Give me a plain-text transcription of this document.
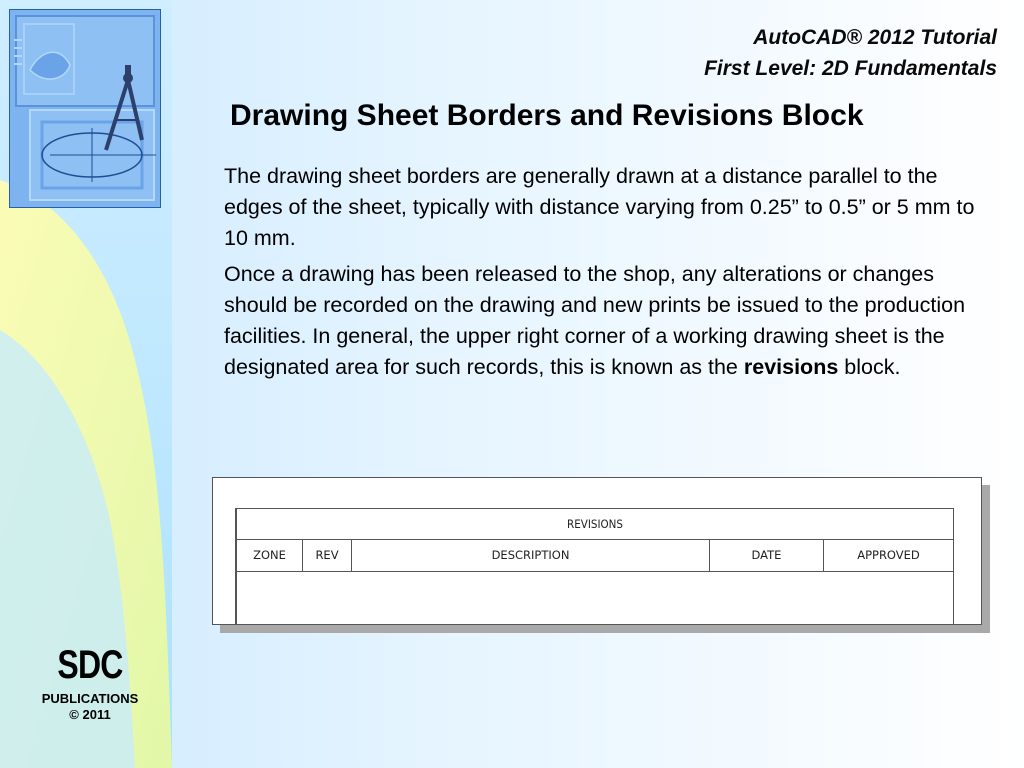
SDC
PUBLICATIONS
© 2011
AutoCAD® 2012 Tutorial
First Level: 2D Fundamentals
Drawing Sheet Borders and Revisions Block

The drawing sheet borders are generally drawn at a distance parallel to the edges of the sheet, typically with distance varying from 0.25” to 0.5” or 5 mm to 10 mm.

Once a drawing has been released to the shop, any alterations or changes should be recorded on the drawing and new prints be issued to the production facilities. In general, the upper right corner of a working drawing sheet is the designated area for such records, this is known as the revisions block.

REVISIONS
ZONE	REV	DESCRIPTION	DATE	APPROVED
